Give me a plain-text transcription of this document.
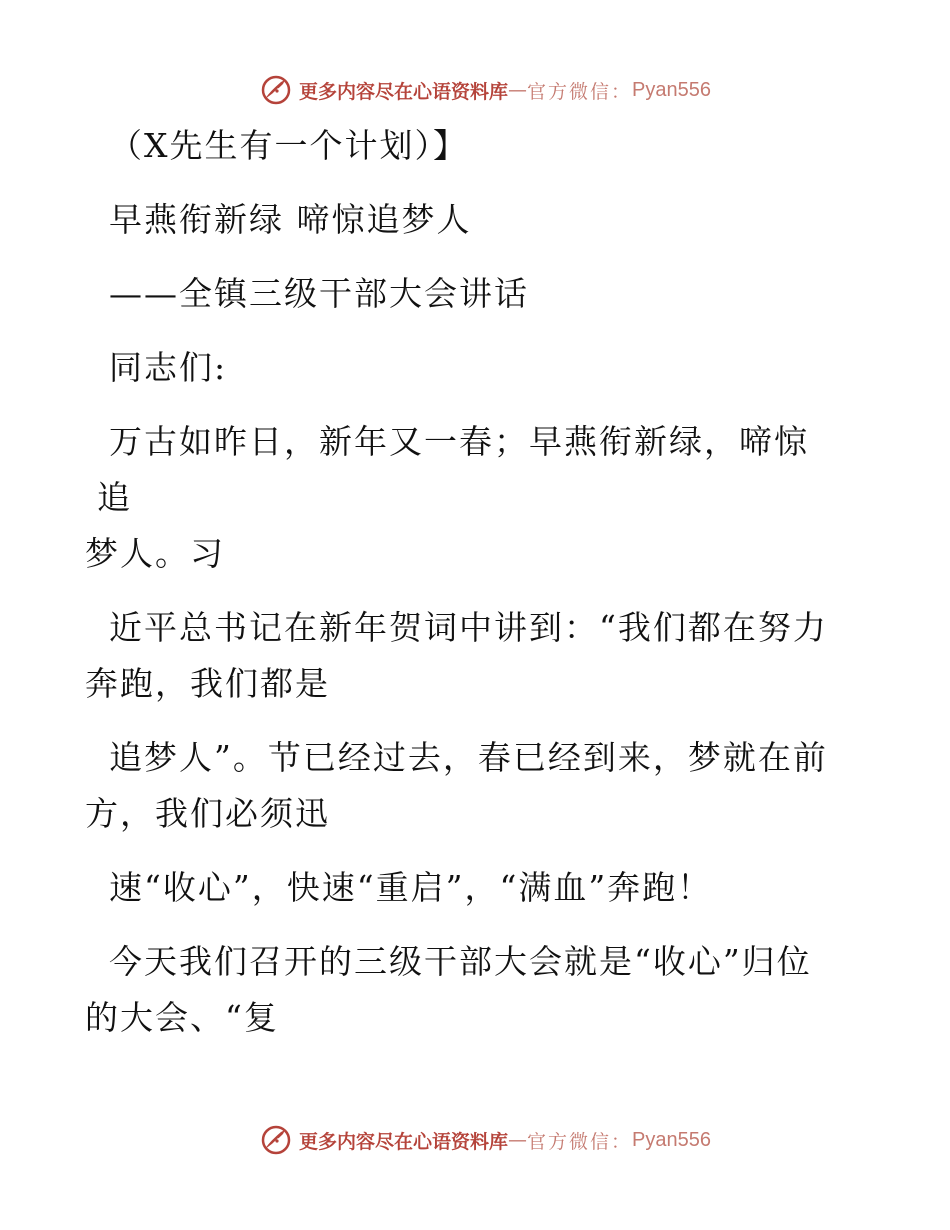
更多内容尽在心语资料库 — 官方微信： Pyan556
（X先生有一个计划）】
早燕衔新绿 啼惊追梦人
——全镇三级干部大会讲话
同志们:
万古如昨日，新年又一春；早燕衔新绿，啼惊追
梦人。习
近平总书记在新年贺词中讲到：“我们都在努力
奔跑，我们都是
追梦人”。节已经过去，春已经到来，梦就在前
方，我们必须迅
速“收心”，快速“重启”，“满血”奔跑！
今天我们召开的三级干部大会就是“收心”归位
的大会、“复
更多内容尽在心语资料库 — 官方微信： Pyan556
